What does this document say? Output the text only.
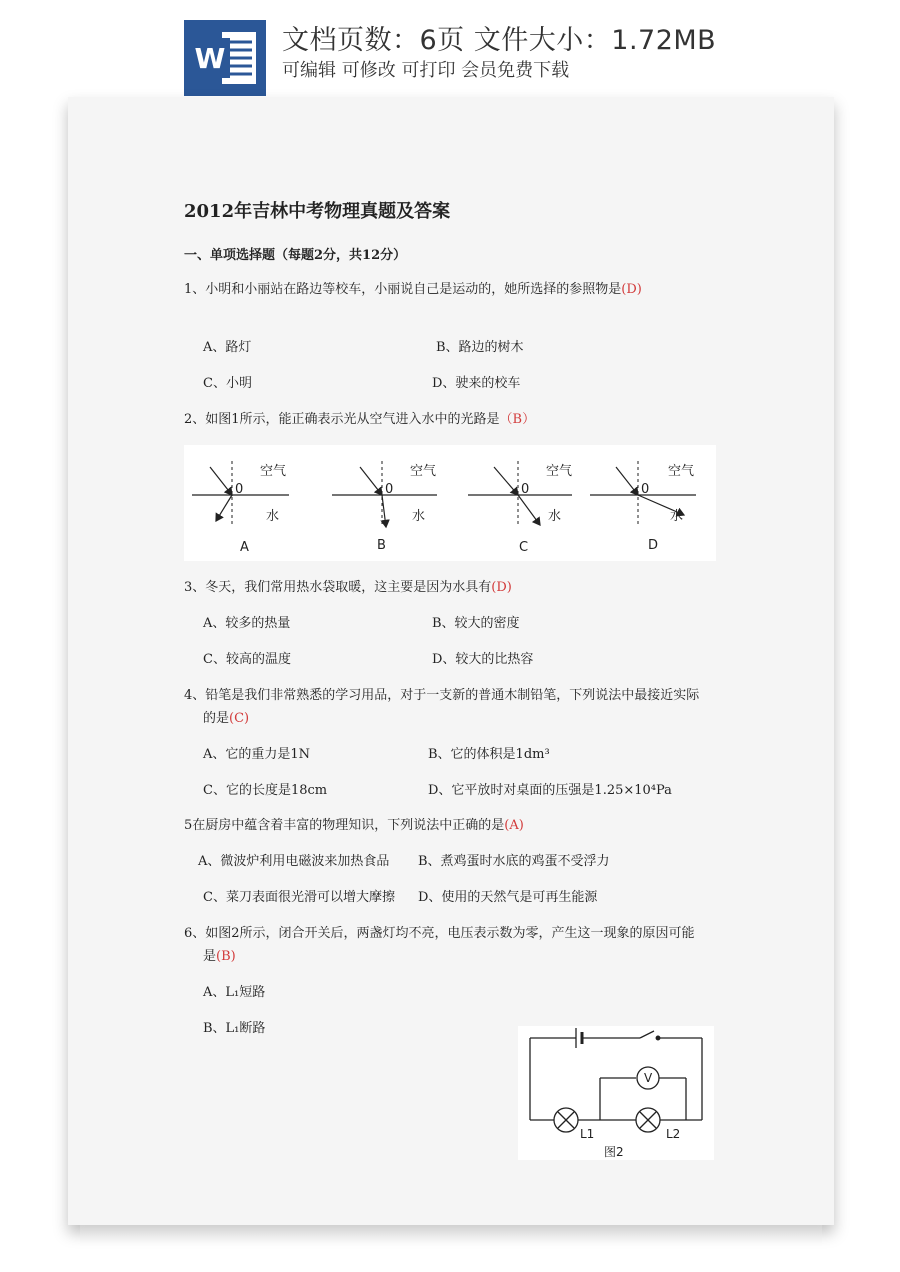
W
文档页数：6页 文件大小：1.72MB
可编辑 可修改 可打印 会员免费下载
2012年吉林中考物理真题及答案
一、单项选择题（每题2分，共12分）
1、小明和小丽站在路边等校车，小丽说自己是运动的，她所选择的参照物是(D)
A、路灯	B、路边的树木
C、小明	D、驶来的校车
2、如图1所示，能正确表示光从空气进入水中的光路是（B）
0
空气
水
A
0
空气
水
B
0
空气
水
C
0
空气
水
D
3、冬天，我们常用热水袋取暖，这主要是因为水具有(D)
A、较多的热量	B、较大的密度
C、较高的温度	D、较大的比热容
4、铅笔是我们非常熟悉的学习用品，对于一支新的普通木制铅笔，下列说法中最接近实际
的是(C)
A、它的重力是1N	B、它的体积是1dm³
C、它的长度是18cm	D、它平放时对桌面的压强是1.25×10⁴Pa
5在厨房中蕴含着丰富的物理知识，下列说法中正确的是(A)
A、微波炉利用电磁波来加热食品 B、煮鸡蛋时水底的鸡蛋不受浮力
C、菜刀表面很光滑可以增大摩擦 D、使用的天然气是可再生能源
6、如图2所示，闭合开关后，两盏灯均不亮，电压表示数为零，产生这一现象的原因可能
是(B)
A、L₁短路
B、L₁断路
V
L1	L2
图2
